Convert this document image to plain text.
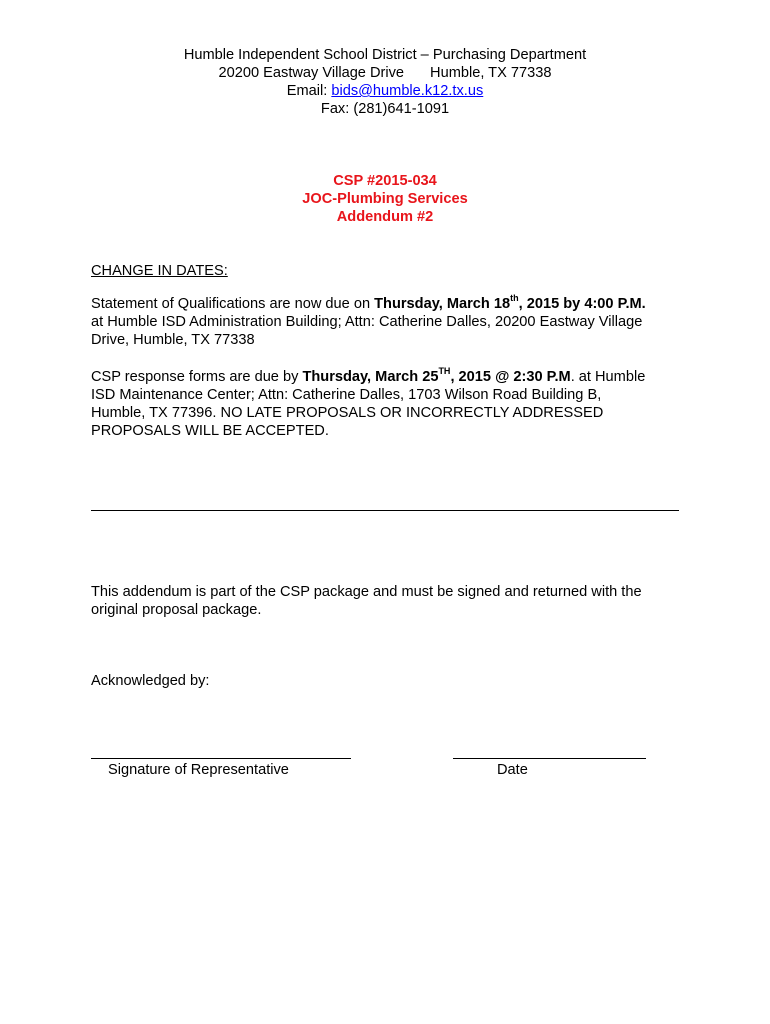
Humble Independent School District – Purchasing Department
20200 Eastway Village Drive Humble, TX 77338
Email: bids@humble.k12.tx.us
Fax: (281)641-1091
CSP #2015-034
JOC-Plumbing Services
Addendum #2
CHANGE IN DATES:
Statement of Qualifications are now due on Thursday, March 18th, 2015 by 4:00 P.M.
at Humble ISD Administration Building; Attn: Catherine Dalles, 20200 Eastway Village
Drive, Humble, TX 77338
CSP response forms are due by Thursday, March 25TH, 2015 @ 2:30 P.M. at Humble
ISD Maintenance Center; Attn: Catherine Dalles, 1703 Wilson Road Building B,
Humble, TX 77396. NO LATE PROPOSALS OR INCORRECTLY ADDRESSED
PROPOSALS WILL BE ACCEPTED.
This addendum is part of the CSP package and must be signed and returned with the
original proposal package.
Acknowledged by:
Signature of Representative	Date
